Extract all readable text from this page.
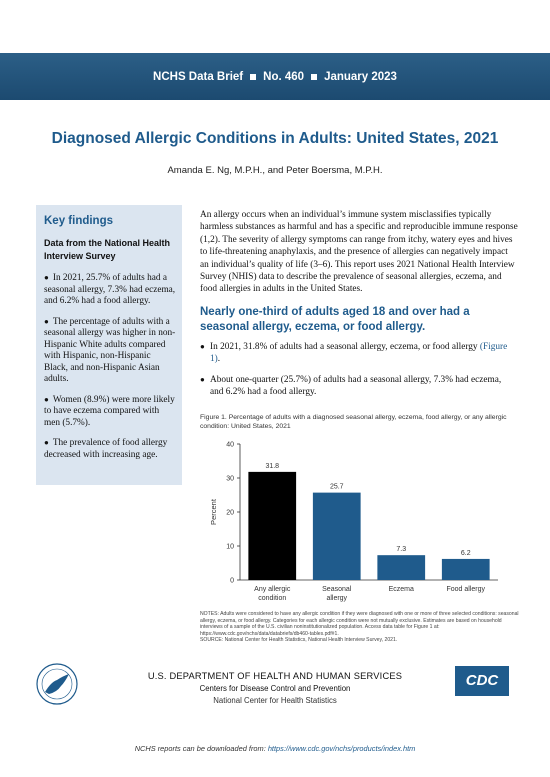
NCHS Data Brief No. 460 January 2023
Diagnosed Allergic Conditions in Adults: United States, 2021
Amanda E. Ng, M.P.H., and Peter Boersma, M.P.H.
Key findings
Data from the National Health Interview Survey
● In 2021, 25.7% of adults had a seasonal allergy, 7.3% had eczema, and 6.2% had a food allergy.
● The percentage of adults with a seasonal allergy was higher in non-Hispanic White adults compared with Hispanic, non-Hispanic Black, and non-Hispanic Asian adults.
● Women (8.9%) were more likely to have eczema compared with men (5.7%).
● The prevalence of food allergy decreased with increasing age.

An allergy occurs when an individual’s immune system misclassifies typically harmless substances as harmful and has a specific and reproducible immune response (1,2). The severity of allergy symptoms can range from itchy, watery eyes and hives to life-threatening anaphylaxis, and the presence of allergies can negatively impact an individual’s quality of life (3–6). This report uses 2021 National Health Interview Survey (NHIS) data to describe the prevalence of seasonal allergies, eczema, and food allergies in adults in the United States.

Nearly one-third of adults aged 18 and over had a seasonal allergy, eczema, or food allergy.
● In 2021, 31.8% of adults had a seasonal allergy, eczema, or food allergy (Figure 1).
● About one-quarter (25.7%) of adults had a seasonal allergy, 7.3% had eczema, and 6.2% had a food allergy.
Figure 1. Percentage of adults with a diagnosed seasonal allergy, eczema, food allergy, or any allergic condition: United States, 2021
0
10
20
30
40
Percent
31.8
Any allergic
condition
25.7
Seasonal
allergy
7.3
Eczema
6.2
Food allergy
NOTES: Adults were considered to have any allergic condition if they were diagnosed with one or more of three selected conditions: seasonal allergy, eczema, or food allergy. Categories for each allergic condition were not mutually exclusive. Estimates are based on household interviews of a sample of the U.S. civilian noninstitutionalized population. Access data table for Figure 1 at: https://www.cdc.gov/nchs/data/databriefs/db460-tables.pdf#1.
SOURCE: National Center for Health Statistics, National Health Interview Survey, 2021.
U.S. DEPARTMENT OF HEALTH AND HUMAN SERVICES
Centers for Disease Control and Prevention
National Center for Health Statistics
CDC
NCHS reports can be downloaded from: https://www.cdc.gov/nchs/products/index.htm
